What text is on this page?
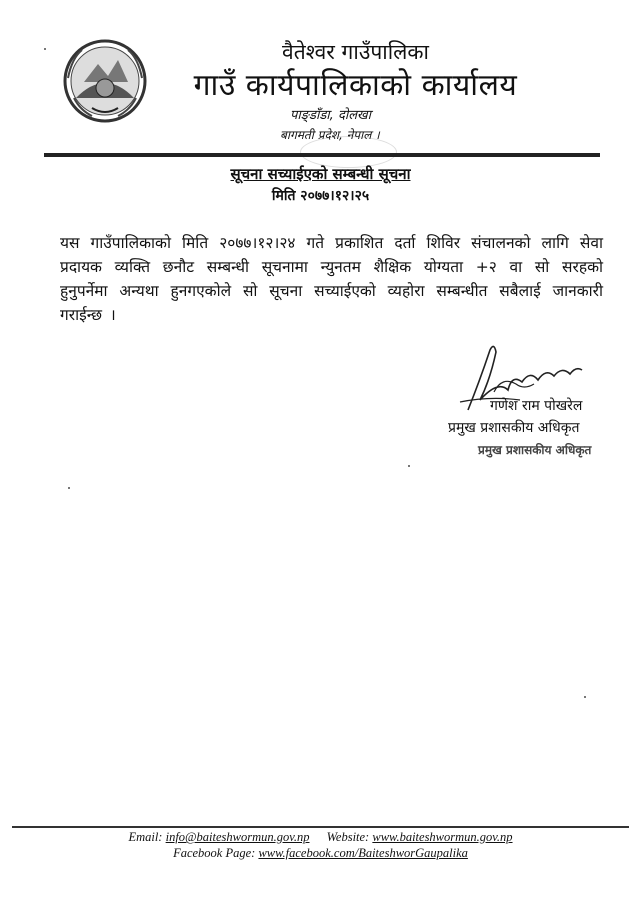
वैतेश्वर गाउँपालिका
गाउँ कार्यपालिकाको कार्यालय
पाङ्डाँडा, दोलखा
बागमती प्रदेश, नेपाल ।
सूचना सच्याईएको सम्बन्धी सूचना
मिति २०७७।१२।२५
यस गाउँपालिकाको मिति २०७७।१२।२४ गते प्रकाशित दर्ता शिविर संचालनको लागि सेवा प्रदायक व्यक्ति छनौट सम्बन्धी सूचनामा न्युनतम शैक्षिक योग्यता +२ वा सो सरहको हुनुपर्नेमा अन्यथा हुनगएकोले सो सूचना सच्याईएको व्यहोरा सम्बन्धीत सबैलाई जानकारी गराईन्छ ।
गणेश राम पोखरेल
प्रमुख प्रशासकीय अधिकृत
प्रमुख प्रशासकीय अधिकृत
Email: info@baiteshwormun.gov.np Website: www.baiteshwormun.gov.np
Facebook Page: www.facebook.com/BaiteshworGaupalika
